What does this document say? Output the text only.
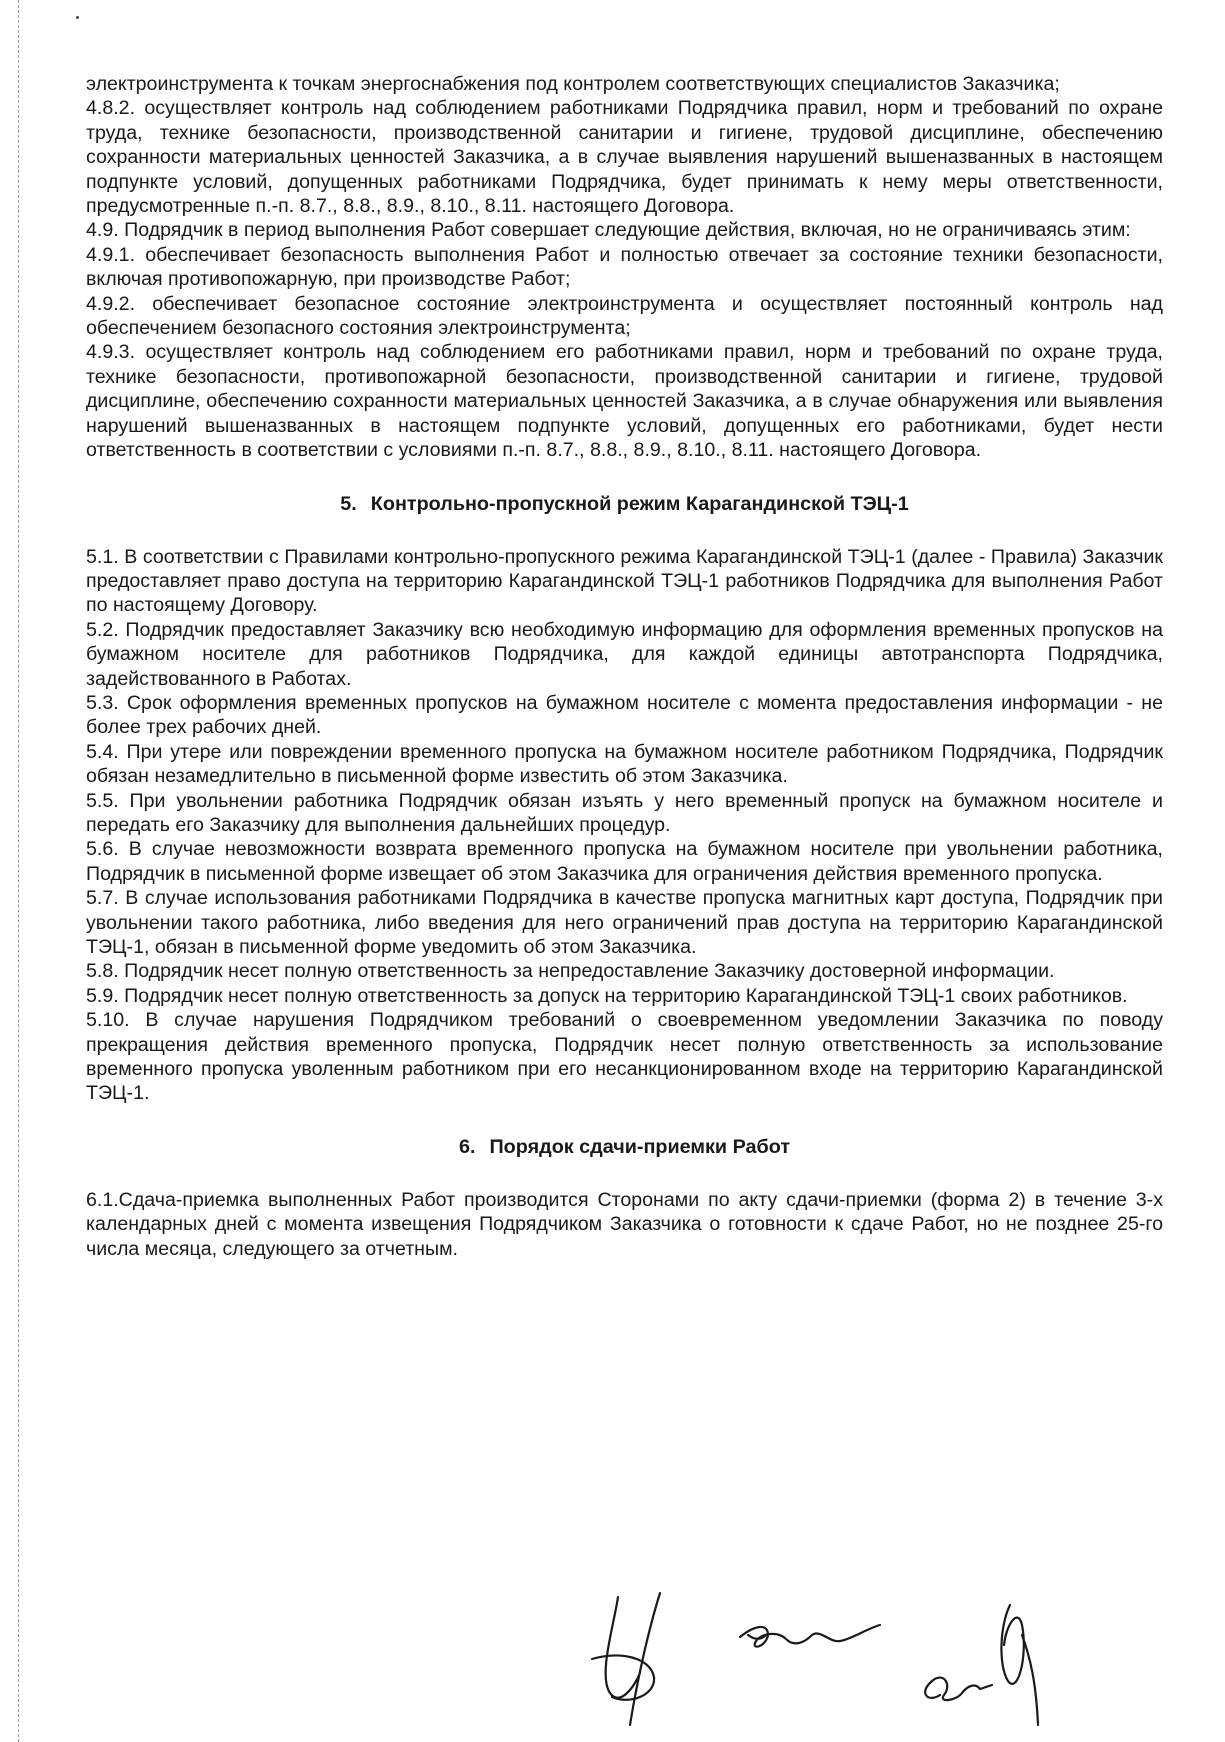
электроинструмента к точкам энергоснабжения под контролем соответствующих специалистов Заказчика;

4.8.2. осуществляет контроль над соблюдением работниками Подрядчика правил, норм и требований по охране труда, технике безопасности, производственной санитарии и гигиене, трудовой дисциплине, обеспечению сохранности материальных ценностей Заказчика, а в случае выявления нарушений вышеназванных в настоящем подпункте условий, допущенных работниками Подрядчика, будет принимать к нему меры ответственности, предусмотренные п.-п. 8.7., 8.8., 8.9., 8.10., 8.11. настоящего Договора.

4.9. Подрядчик в период выполнения Работ совершает следующие действия, включая, но не ограничиваясь этим:

4.9.1. обеспечивает безопасность выполнения Работ и полностью отвечает за состояние техники безопасности, включая противопожарную, при производстве Работ;

4.9.2. обеспечивает безопасное состояние электроинструмента и осуществляет постоянный контроль над обеспечением безопасного состояния электроинструмента;

4.9.3. осуществляет контроль над соблюдением его работниками правил, норм и требований по охране труда, технике безопасности, противопожарной безопасности, производственной санитарии и гигиене, трудовой дисциплине, обеспечению сохранности материальных ценностей Заказчика, а в случае обнаружения или выявления нарушений вышеназванных в настоящем подпункте условий, допущенных его работниками, будет нести ответственность в соответствии с условиями п.-п. 8.7., 8.8., 8.9., 8.10., 8.11. настоящего Договора.

5. Контрольно-пропускной режим Карагандинской ТЭЦ-1

5.1. В соответствии с Правилами контрольно-пропускного режима Карагандинской ТЭЦ-1 (далее - Правила) Заказчик предоставляет право доступа на территорию Карагандинской ТЭЦ-1 работников Подрядчика для выполнения Работ по настоящему Договору.

5.2. Подрядчик предоставляет Заказчику всю необходимую информацию для оформления временных пропусков на бумажном носителе для работников Подрядчика, для каждой единицы автотранспорта Подрядчика, задействованного в Работах.

5.3. Срок оформления временных пропусков на бумажном носителе с момента предоставления информации - не более трех рабочих дней.

5.4. При утере или повреждении временного пропуска на бумажном носителе работником Подрядчика, Подрядчик обязан незамедлительно в письменной форме известить об этом Заказчика.

5.5. При увольнении работника Подрядчик обязан изъять у него временный пропуск на бумажном носителе и передать его Заказчику для выполнения дальнейших процедур.

5.6. В случае невозможности возврата временного пропуска на бумажном носителе при увольнении работника, Подрядчик в письменной форме извещает об этом Заказчика для ограничения действия временного пропуска.

5.7. В случае использования работниками Подрядчика в качестве пропуска магнитных карт доступа, Подрядчик при увольнении такого работника, либо введения для него ограничений прав доступа на территорию Карагандинской ТЭЦ-1, обязан в письменной форме уведомить об этом Заказчика.

5.8. Подрядчик несет полную ответственность за непредоставление Заказчику достоверной информации.

5.9. Подрядчик несет полную ответственность за допуск на территорию Карагандинской ТЭЦ-1 своих работников.

5.10. В случае нарушения Подрядчиком требований о своевременном уведомлении Заказчика по поводу прекращения действия временного пропуска, Подрядчик несет полную ответственность за использование временного пропуска уволенным работником при его несанкционированном входе на территорию Карагандинской ТЭЦ-1.

6. Порядок сдачи-приемки Работ

6.1.Сдача-приемка выполненных Работ производится Сторонами по акту сдачи-приемки (форма 2) в течение 3-х календарных дней с момента извещения Подрядчиком Заказчика о готовности к сдаче Работ, но не позднее 25-го числа месяца, следующего за отчетным.
